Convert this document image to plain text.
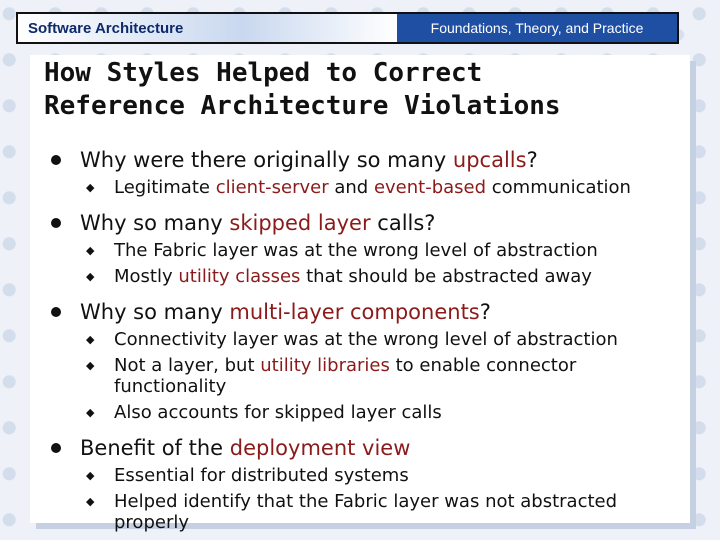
Software Architecture	Foundations, Theory, and Practice
How Styles Helped to Correct
Reference Architecture Violations
Why were there originally so many upcalls?
◆ Legitimate client-server and event-based communication
Why so many skipped layer calls?
◆ The Fabric layer was at the wrong level of abstraction
◆ Mostly utility classes that should be abstracted away
Why so many multi-layer components?
◆ Connectivity layer was at the wrong level of abstraction
◆ Not a layer, but utility libraries to enable connector functionality
◆ Also accounts for skipped layer calls
Benefit of the deployment view
◆ Essential for distributed systems
◆ Helped identify that the Fabric layer was not abstracted properly
